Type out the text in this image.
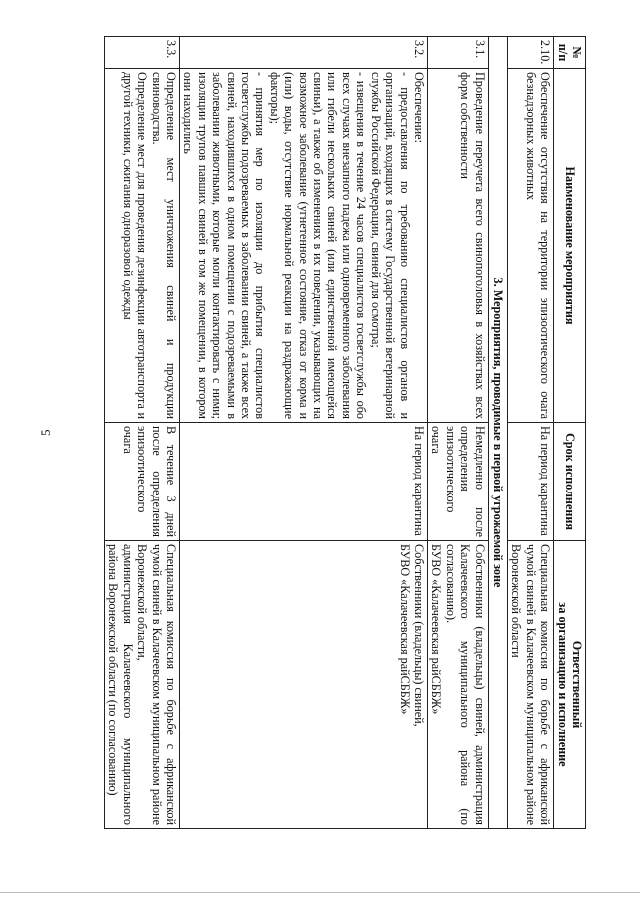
5
№
п/п	Наименование мероприятия	Срок исполнения	Ответственный
за организацию и исполнение
2.10.	Обеспечение отсутствия на территории эпизоотического очага безнадзорных животных	На период карантина	Специальная комиссия по борьбе с африканской чумой свиней в Калачеевском муниципальном районе Воронежской области
3. Мероприятия, проводимые в первой угрожаемой зоне			
3.1.	Проведение переучета всего свинопоголовья в хозяйствах всех форм собственности	Немедленно после определения эпизоотического очага	Собственники (владельцы) свиней, администрация Калачеевского муниципального района (по согласованию).
БУВО «Калачеевская райСББЖ»
3.2.	Обеспечение:
- предоставления по требованию специалистов органов и организаций, входящих в систему Государственной ветеринарной службы Российской Федерации, свиней для осмотра;
- извещения в течение 24 часов специалистов госветслужбы обо всех случаях внезапного падежа или одновременного заболевания или гибели нескольких свиней (или единственной имеющейся свиньи), а также об изменениях в их поведении, указывающих на возможное заболевание (угнетенное состояние, отказ от корма и (или) воды, отсутствие нормальной реакции на раздражающие факторы);
- принятия мер по изоляции до прибытия специалистов госветслужбы подозреваемых в заболевании свиней, а также всех свиней, находившихся в одном помещении с подозреваемыми в заболевании животными, которые могли контактировать с ними; изоляции трупов павших свиней в том же помещении, в котором они находились	На период карантина	Собственники (владельцы) свиней,
БУВО «Калачеевская райСББЖ»
3.3.	Определение мест уничтожения свиней и продукции свиноводства.
Определение мест для проведения дезинфекции автотранспорта и другой техники, сжигания одноразовой одежды	В течение 3 дней после определения эпизоотического очага	Специальная комиссия по борьбе с африканской чумой свиней в Калачеевском муниципальном районе Воронежской области,
администрация Калачеевского муниципального района Воронежской области (по согласованию)
